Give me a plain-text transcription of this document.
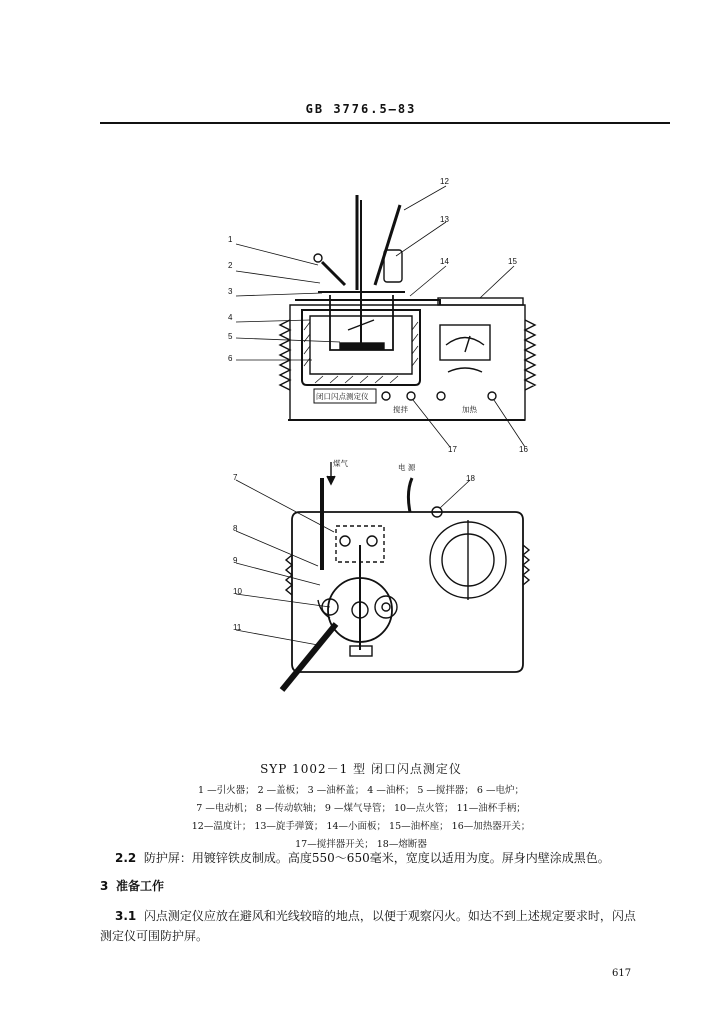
GB 3776.5—83
1
2
3
4
5
6
7
8
9
10
11
12
13
14	15
16
17
18
闭口闪点测定仪
搅拌	加热
煤气	电 源
SYP 1002－1 型 闭口闪点测定仪
1 —引火器； 2 —盖板； 3 —油杯盖； 4 —油杯； 5 —搅拌器； 6 —电炉；
7 —电动机； 8 —传动软轴； 9 —煤气导管； 10—点火管； 11—油杯手柄；
12—温度计； 13—旋手弹簧； 14—小面板； 15—油杯座； 16—加热器开关；
17—搅拌器开关； 18—熔断器
2.2 防护屏：用镀锌铁皮制成。高度550～650毫米，宽度以适用为度。屏身内壁涂成黑色。
3 准备工作
3.1 闪点测定仪应放在避风和光线较暗的地点，以便于观察闪火。如达不到上述规定要求时，闪点
测定仪可围防护屏。
617
